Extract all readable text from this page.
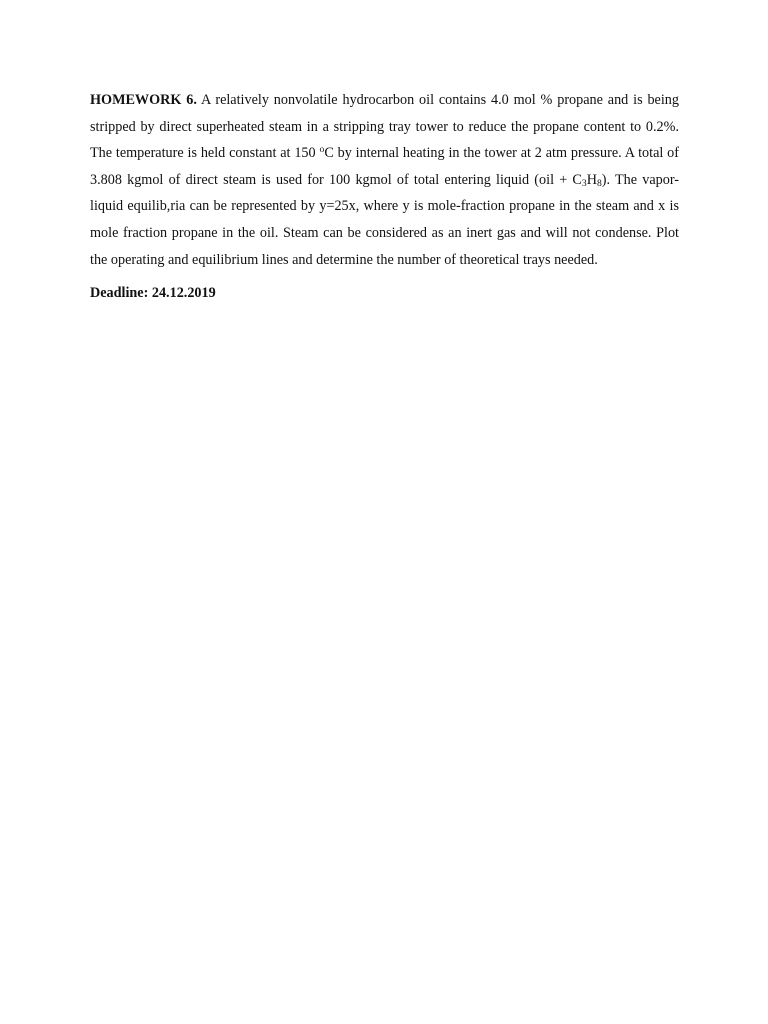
HOMEWORK 6. A relatively nonvolatile hydrocarbon oil contains 4.0 mol % propane and is being stripped by direct superheated steam in a stripping tray tower to reduce the propane content to 0.2%. The temperature is held constant at 150 $^o$C by internal heating in the tower at 2 atm pressure. A total of 3.808 kgmol of direct steam is used for 100 kgmol of total entering liquid $(oil + C_3H_8)$. The vapor-liquid equilib,ria can be represented by y=25x, where y is mole-fraction propane in the steam and x is mole fraction propane in the oil. Steam can be considered as an inert gas and will not condense. Plot the operating and equilibrium lines and determine the number of theoretical trays needed.

Deadline: 24.12.2019
